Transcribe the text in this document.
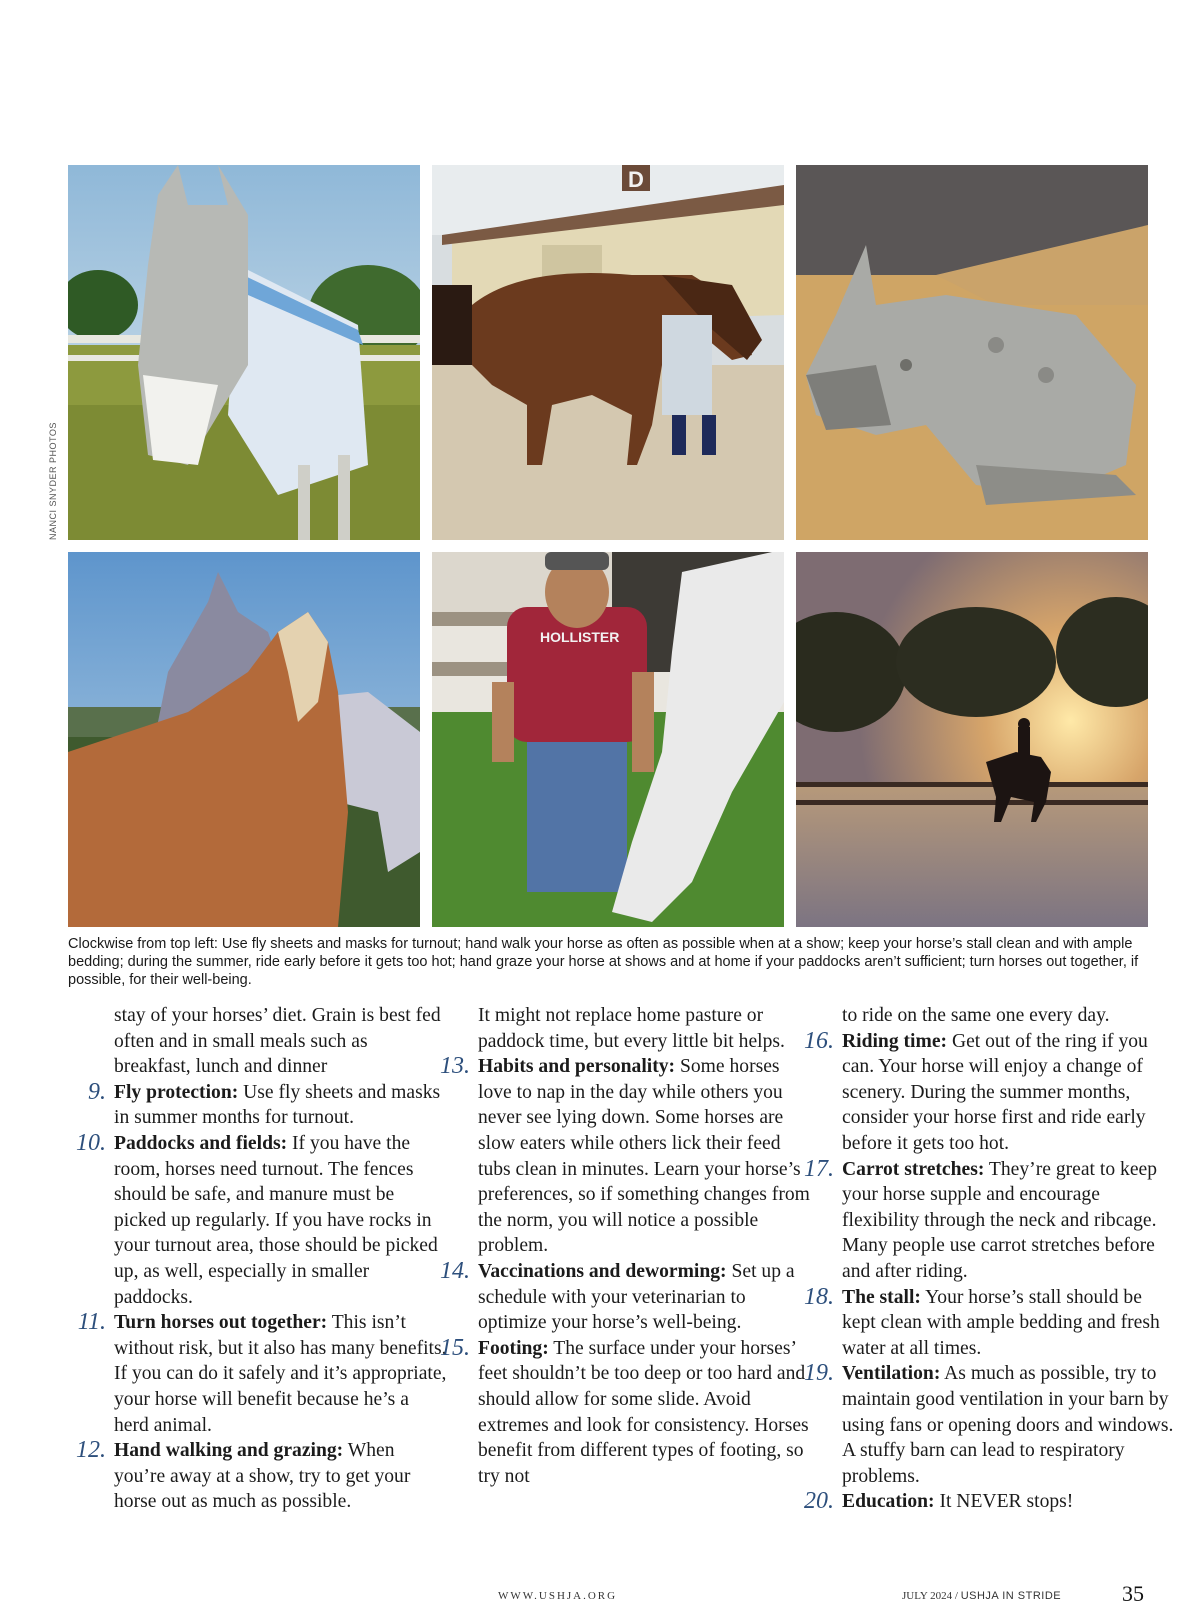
D
HOLLISTER
NANCI SNYDER PHOTOS

Clockwise from top left: Use fly sheets and masks for turnout; hand walk your horse as often as possible when at a show; keep your horse’s stall clean and with ample bedding; during the summer, ride early before it gets too hot; hand graze your horse at shows and at home if your paddocks aren’t sufficient; turn horses out together, if possible, for their well-being.

stay of your horses’ diet. Grain is best fed often and in small meals such as breakfast, lunch and dinner

9. Fly protection: Use fly sheets and masks in summer months for turnout.

10. Paddocks and fields: If you have the room, horses need turnout. The fences should be safe, and manure must be picked up regularly. If you have rocks in your turnout area, those should be picked up, as well, especially in smaller paddocks.

11. Turn horses out together: This isn’t without risk, but it also has many benefits. If you can do it safely and it’s appropriate, your horse will benefit because he’s a herd animal.

12. Hand walking and grazing: When you’re away at a show, try to get your horse out as much as possible.

It might not replace home pasture or paddock time, but every little bit helps.

13. Habits and personality: Some horses love to nap in the day while others you never see lying down. Some horses are slow eaters while others lick their feed tubs clean in minutes. Learn your horse’s preferences, so if something changes from the norm, you will notice a possible problem.

14. Vaccinations and deworming: Set up a schedule with your veterinarian to optimize your horse’s well-being.

15. Footing: The surface under your horses’ feet shouldn’t be too deep or too hard and should allow for some slide. Avoid extremes and look for consistency. Horses benefit from different types of footing, so try not

to ride on the same one every day.

16. Riding time: Get out of the ring if you can. Your horse will enjoy a change of scenery. During the summer months, consider your horse first and ride early before it gets too hot.

17. Carrot stretches: They’re great to keep your horse supple and encourage flexibility through the neck and ribcage. Many people use carrot stretches before and after riding.

18. The stall: Your horse’s stall should be kept clean with ample bedding and fresh water at all times.

19. Ventilation: As much as possible, try to maintain good ventilation in your barn by using fans or opening doors and windows. A stuffy barn can lead to respiratory problems.

20. Education: It NEVER stops!

WWW.USHJA.ORG	JULY 2024 / USHJA IN STRIDE	35
